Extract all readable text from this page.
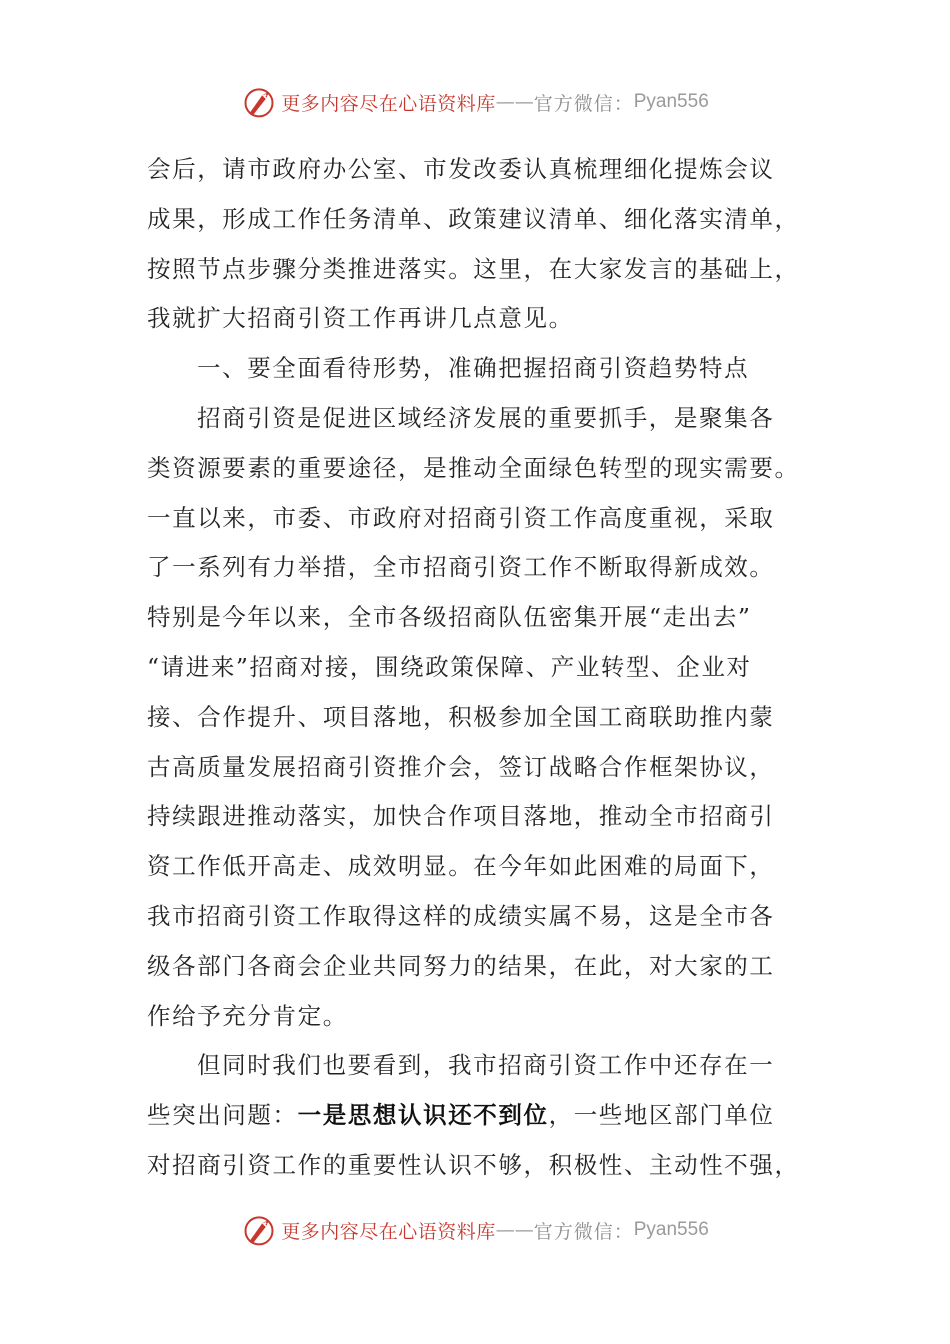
更多内容尽在心语资料库 —— 官方微信： Pyan556

会后，请市政府办公室、市发改委认真梳理细化提炼会议
成果，形成工作任务清单、政策建议清单、细化落实清单，
按照节点步骤分类推进落实。这里，在大家发言的基础上，
我就扩大招商引资工作再讲几点意见。

一、要全面看待形势，准确把握招商引资趋势特点

招商引资是促进区域经济发展的重要抓手，是聚集各
类资源要素的重要途径，是推动全面绿色转型的现实需要。
一直以来，市委、市政府对招商引资工作高度重视，采取
了一系列有力举措，全市招商引资工作不断取得新成效。
特别是今年以来，全市各级招商队伍密集开展“走出去”
“请进来”招商对接，围绕政策保障、产业转型、企业对
接、合作提升、项目落地，积极参加全国工商联助推内蒙
古高质量发展招商引资推介会，签订战略合作框架协议，
持续跟进推动落实，加快合作项目落地，推动全市招商引
资工作低开高走、成效明显。在今年如此困难的局面下，
我市招商引资工作取得这样的成绩实属不易，这是全市各
级各部门各商会企业共同努力的结果，在此，对大家的工
作给予充分肯定。

但同时我们也要看到，我市招商引资工作中还存在一
些突出问题：一是思想认识还不到位，一些地区部门单位
对招商引资工作的重要性认识不够，积极性、主动性不强，

更多内容尽在心语资料库 —— 官方微信： Pyan556
